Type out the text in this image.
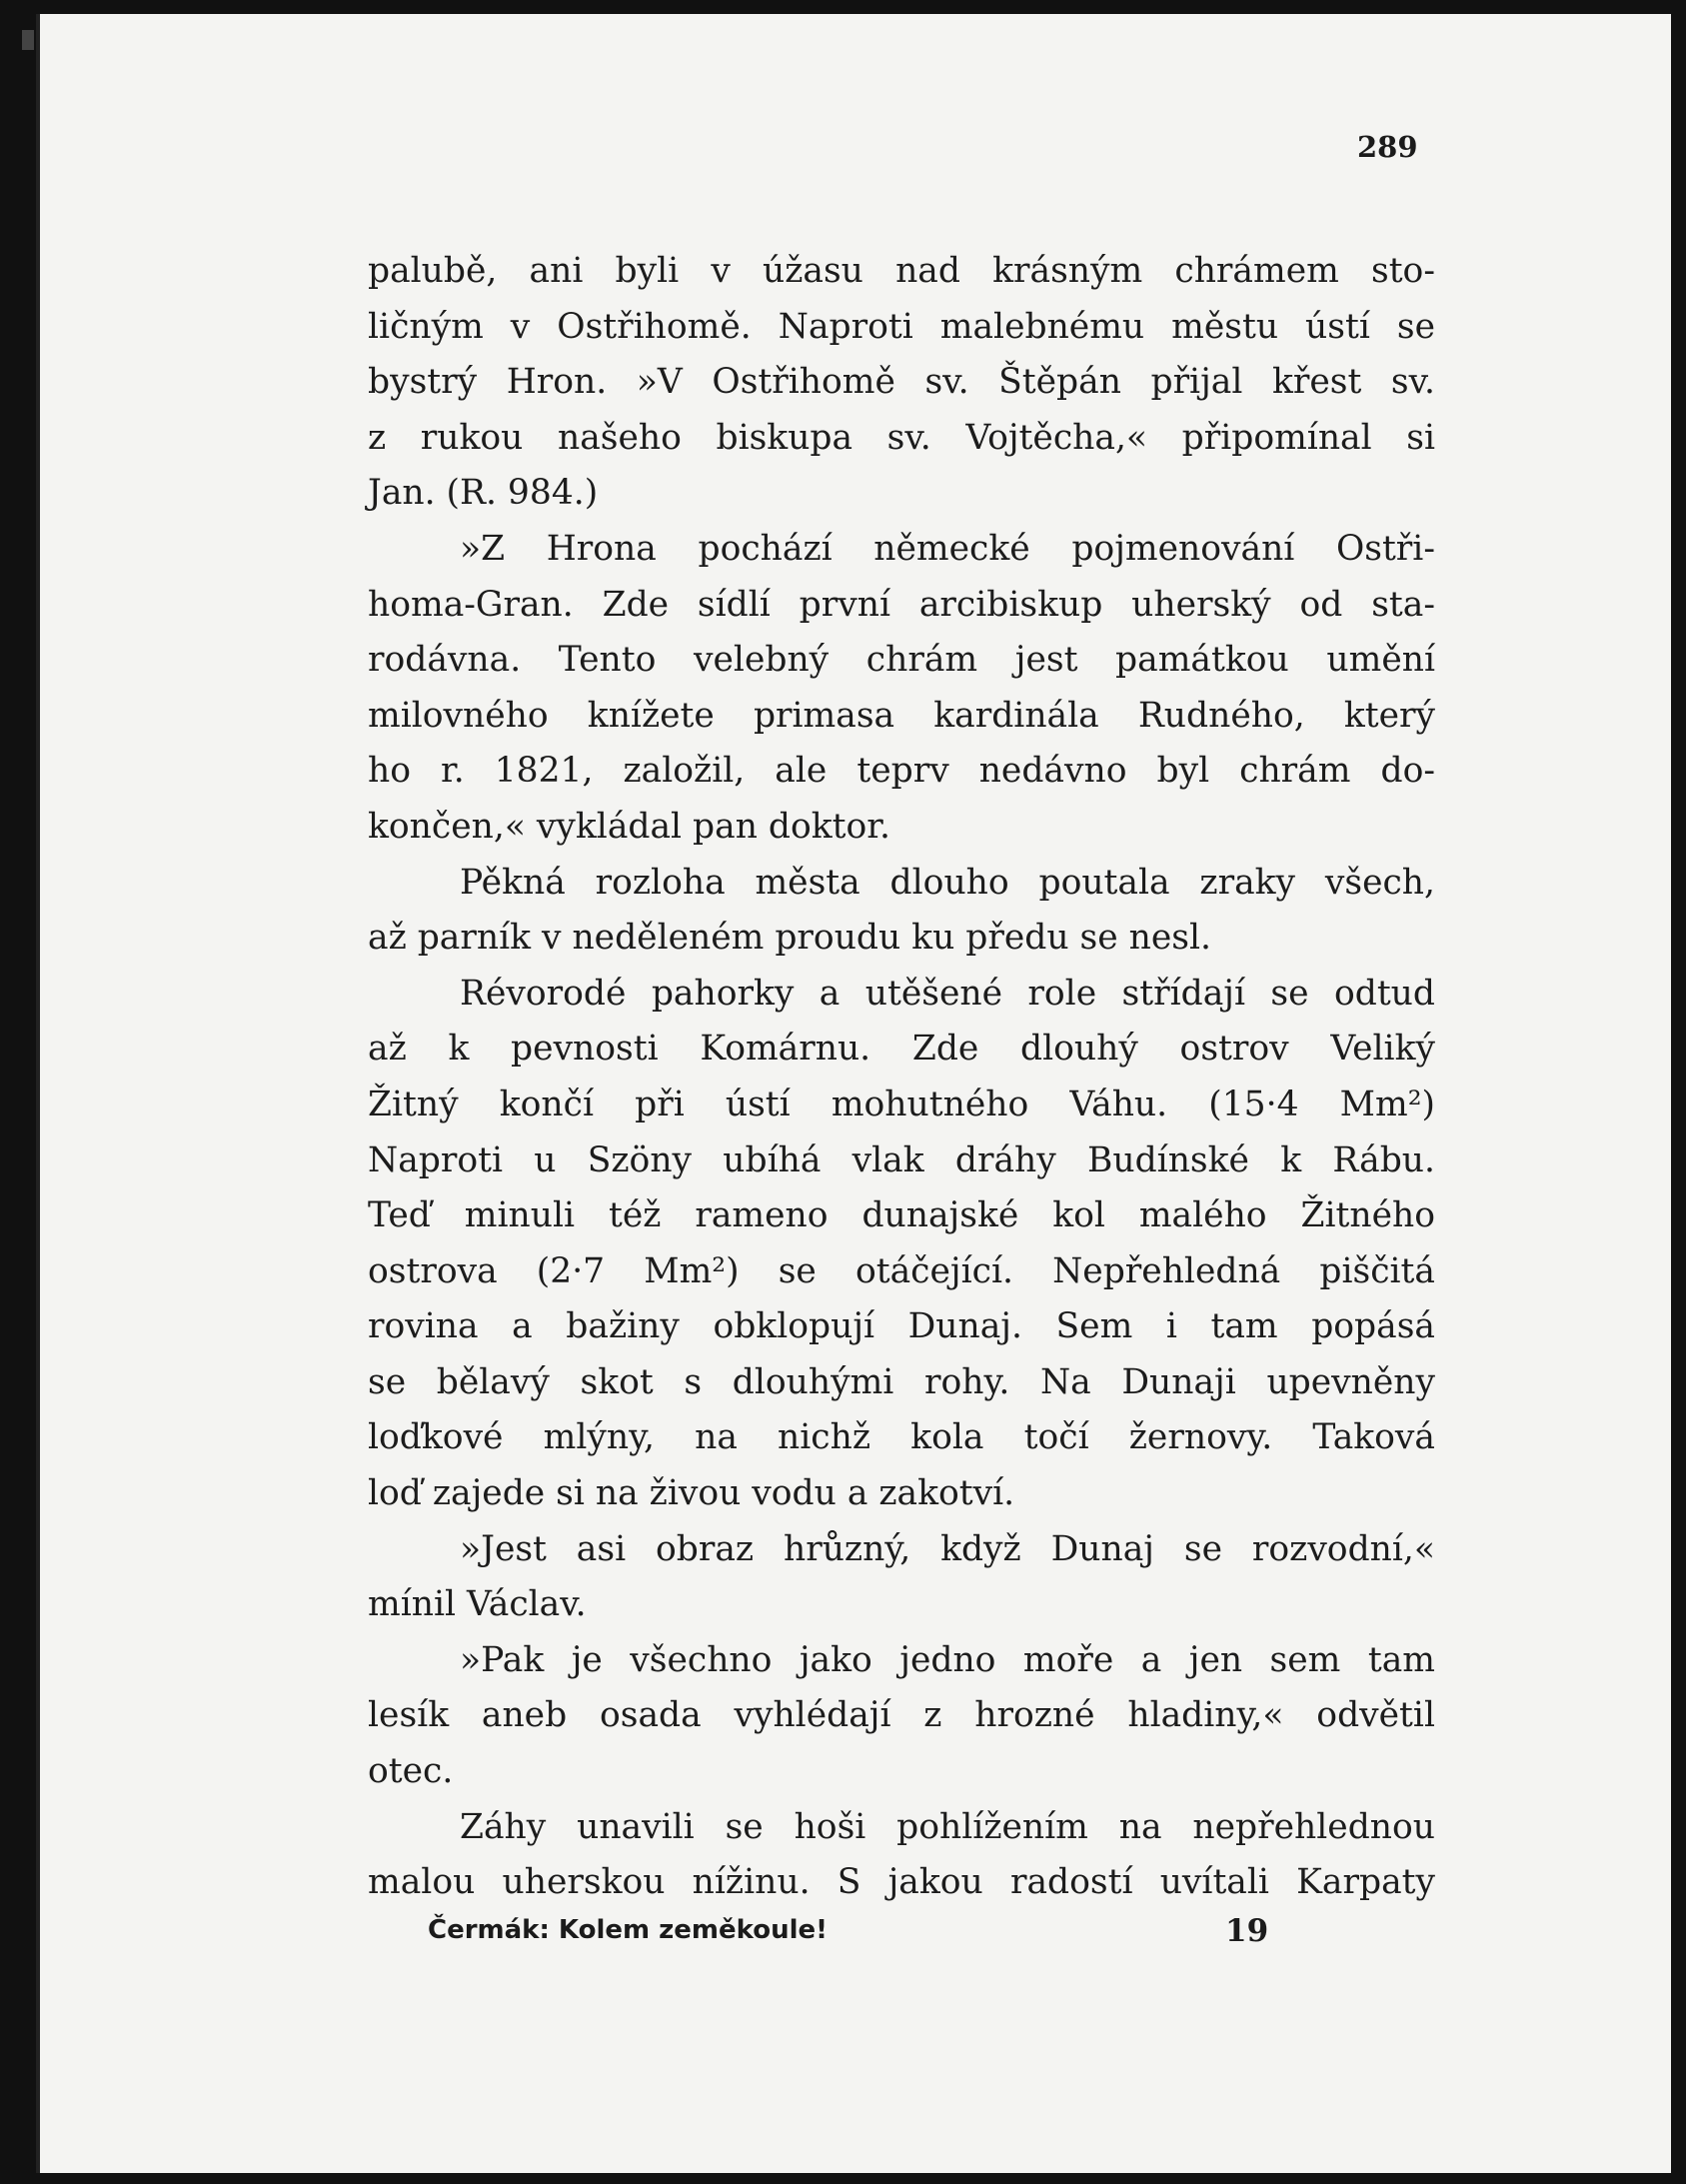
289
palubě, ani byli v úžasu nad krásným chrámem sto-
ličným v Ostřihomě. Naproti malebnému městu ústí se
bystrý Hron. »V Ostřihomě sv. Štěpán přijal křest sv.
z rukou našeho biskupa sv. Vojtěcha,« připomínal si
Jan. (R. 984.)
»Z Hrona pochází německé pojmenování Ostři-
homa-Gran. Zde sídlí první arcibiskup uherský od sta-
rodávna. Tento velebný chrám jest památkou umění
milovného knížete primasa kardinála Rudného, který
ho r. 1821, založil, ale teprv nedávno byl chrám do-
končen,« vykládal pan doktor.
Pěkná rozloha města dlouho poutala zraky všech,
až parník v neděleném proudu ku předu se nesl.
Révorodé pahorky a utěšené role střídají se odtud
až k pevnosti Komárnu. Zde dlouhý ostrov Veliký
Žitný končí při ústí mohutného Váhu. (15·4 Mm²)
Naproti u Szöny ubíhá vlak dráhy Budínské k Rábu.
Teď minuli též rameno dunajské kol malého Žitného
ostrova (2·7 Mm²) se otáčející. Nepřehledná piščitá
rovina a bažiny obklopují Dunaj. Sem i tam popásá
se bělavý skot s dlouhými rohy. Na Dunaji upevněny
loďkové mlýny, na nichž kola točí žernovy. Taková
loď zajede si na živou vodu a zakotví.
»Jest asi obraz hrůzný, když Dunaj se rozvodní,«
mínil Václav.
»Pak je všechno jako jedno moře a jen sem tam
lesík aneb osada vyhlédají z hrozné hladiny,« odvětil
otec.
Záhy unavili se hoši pohlížením na nepřehlednou
malou uherskou nížinu. S jakou radostí uvítali Karpaty
Čermák: Kolem zeměkoule!	19
